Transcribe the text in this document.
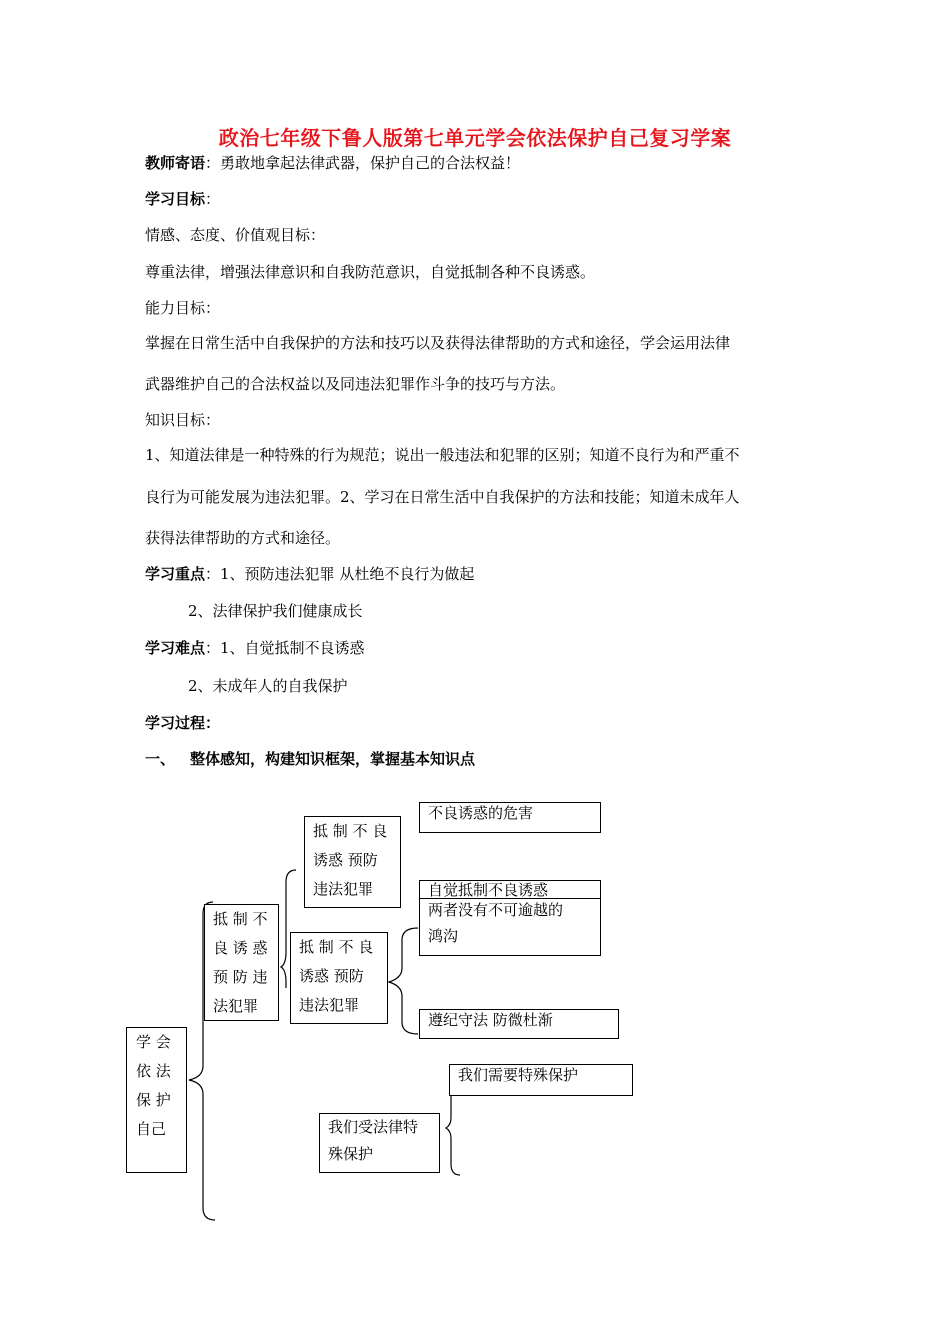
政治七年级下鲁人版第七单元学会依法保护自己复习学案
教师寄语：勇敢地拿起法律武器，保护自己的合法权益！
学习目标：
情感、态度、价值观目标：
尊重法律，增强法律意识和自我防范意识，自觉抵制各种不良诱惑。
能力目标：
掌握在日常生活中自我保护的方法和技巧以及获得法律帮助的方式和途径，学会运用法律
武器维护自己的合法权益以及同违法犯罪作斗争的技巧与方法。
知识目标：
1、知道法律是一种特殊的行为规范；说出一般违法和犯罪的区别；知道不良行为和严重不
良行为可能发展为违法犯罪。2、学习在日常生活中自我保护的方法和技能；知道未成年人
获得法律帮助的方式和途径。
学习重点：1、预防违法犯罪 从杜绝不良行为做起
2、法律保护我们健康成长
学习难点：1、自觉抵制不良诱惑
2、未成年人的自我保护
学习过程：
一、 整体感知，构建知识框架，掌握基本知识点
学 会
依 法
保 护
自己
抵 制 不
良 诱 惑
预 防 违
法犯罪
抵 制 不 良
诱惑 预防
违法犯罪
抵 制 不 良
诱惑 预防
违法犯罪
不良诱惑的危害
自觉抵制不良诱惑
两者没有不可逾越的
鸿沟
遵纪守法 防微杜渐
我们需要特殊保护
我们受法律特
殊保护
